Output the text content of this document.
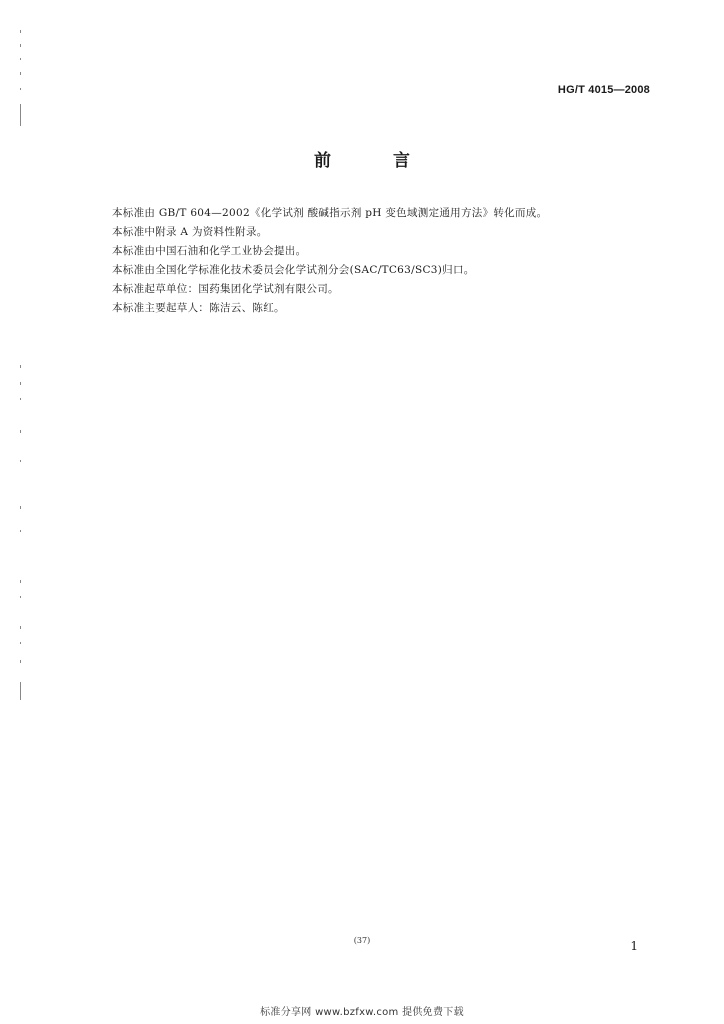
HG/T 4015—2008
前 言
本标准由 GB/T 604—2002《化学试剂 酸碱指示剂 pH 变色域测定通用方法》转化而成。
本标准中附录 A 为资料性附录。
本标准由中国石油和化学工业协会提出。
本标准由全国化学标准化技术委员会化学试剂分会(SAC/TC63/SC3)归口。
本标准起草单位：国药集团化学试剂有限公司。
本标准主要起草人：陈洁云、陈红。
(37)	1
标准分享网 www.bzfxw.com 提供免费下载
